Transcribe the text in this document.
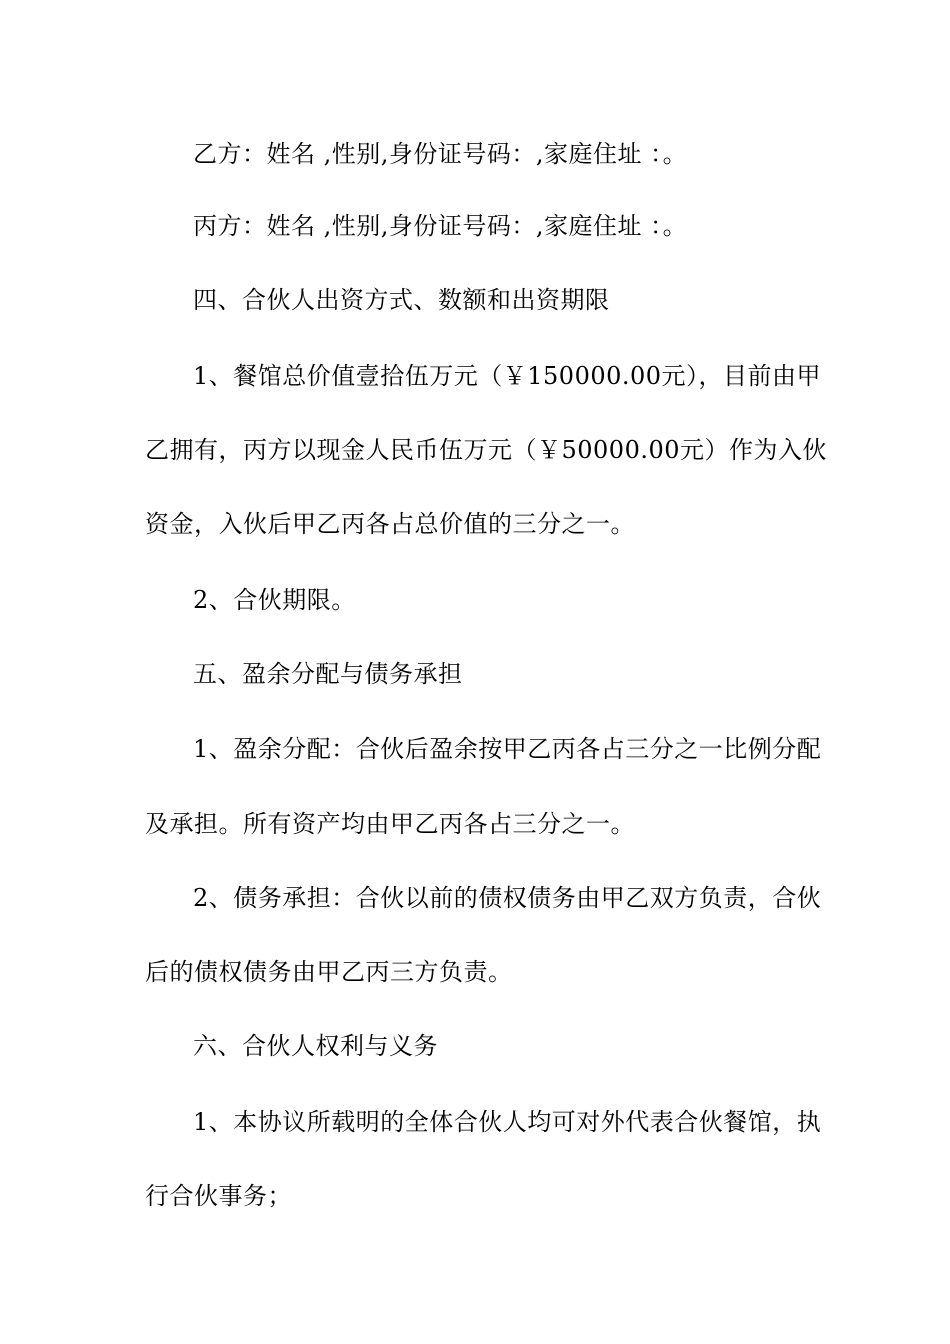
乙方：姓名 ,性别,身份证号码：,家庭住址 ：。
丙方：姓名 ,性别,身份证号码：,家庭住址 ：。
四、合伙人出资方式、数额和出资期限
1、餐馆总价值壹拾伍万元（￥150000.00元），目前由甲
乙拥有，丙方以现金人民币伍万元（￥50000.00元）作为入伙
资金，入伙后甲乙丙各占总价值的三分之一。
2、合伙期限。
五、盈余分配与债务承担
1、盈余分配：合伙后盈余按甲乙丙各占三分之一比例分配
及承担。所有资产均由甲乙丙各占三分之一。
2、债务承担：合伙以前的债权债务由甲乙双方负责，合伙
后的债权债务由甲乙丙三方负责。
六、合伙人权利与义务
1、本协议所载明的全体合伙人均可对外代表合伙餐馆，执
行合伙事务；
